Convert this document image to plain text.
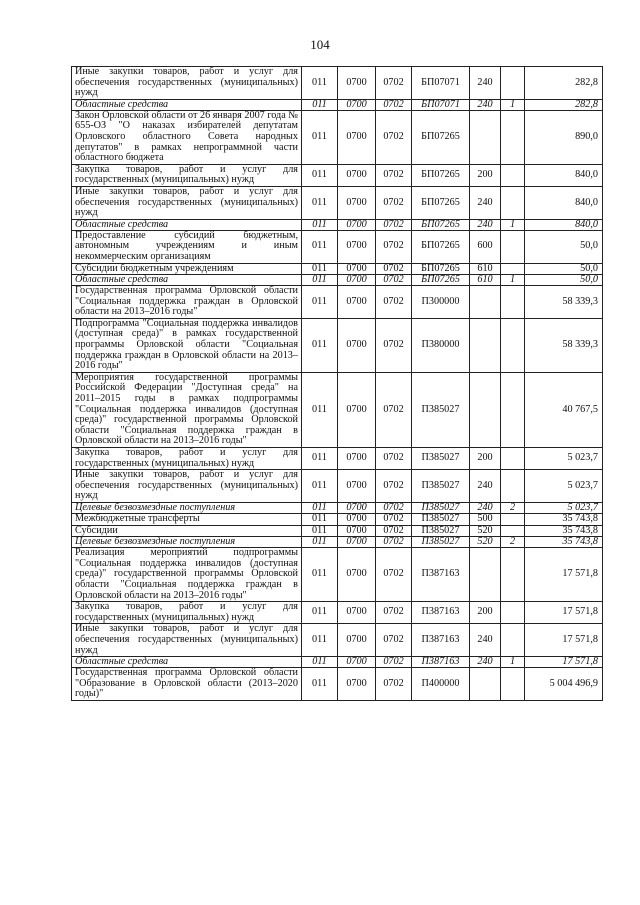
104
Иные закупки товаров, работ и услуг для обеспечения государственных (муниципальных) нужд	011	0700	0702	БП07071	240		282,8
Областные средства	011	0700	0702	БП07071	240	1	282,8
Закон Орловской области от 26 января 2007 года № 655-ОЗ "О наказах избирателей депутатам Орловского областного Совета народных депутатов" в рамках непрограммной части областного бюджета	011	0700	0702	БП07265			890,0
Закупка товаров, работ и услуг для государственных (муниципальных) нужд	011	0700	0702	БП07265	200		840,0
Иные закупки товаров, работ и услуг для обеспечения государственных (муниципальных) нужд	011	0700	0702	БП07265	240		840,0
Областные средства	011	0700	0702	БП07265	240	1	840,0
Предоставление субсидий бюджетным, автономным учреждениям и иным некоммерческим организациям	011	0700	0702	БП07265	600		50,0
Субсидии бюджетным учреждениям	011	0700	0702	БП07265	610		50,0
Областные средства	011	0700	0702	БП07265	610	1	50,0
Государственная программа Орловской области "Социальная поддержка граждан в Орловской области на 2013–2016 годы"	011	0700	0702	П300000			58 339,3
Подпрограмма "Социальная поддержка инвалидов (доступная среда)" в рамках государственной программы Орловской области "Социальная поддержка граждан в Орловской области на 2013–2016 годы"	011	0700	0702	П380000			58 339,3
Мероприятия государственной программы Российской Федерации "Доступная среда" на 2011–2015 годы в рамках подпрограммы "Социальная поддержка инвалидов (доступная среда)" государственной программы Орловской области "Социальная поддержка граждан в Орловской области на 2013–2016 годы"	011	0700	0702	П385027			40 767,5
Закупка товаров, работ и услуг для государственных (муниципальных) нужд	011	0700	0702	П385027	200		5 023,7
Иные закупки товаров, работ и услуг для обеспечения государственных (муниципальных) нужд	011	0700	0702	П385027	240		5 023,7
Целевые безвозмездные поступления	011	0700	0702	П385027	240	2	5 023,7
Межбюджетные трансферты	011	0700	0702	П385027	500		35 743,8
Субсидии	011	0700	0702	П385027	520		35 743,8
Целевые безвозмездные поступления	011	0700	0702	П385027	520	2	35 743,8
Реализация мероприятий подпрограммы "Социальная поддержка инвалидов (доступная среда)" государственной программы Орловской области "Социальная поддержка граждан в Орловской области на 2013–2016 годы"	011	0700	0702	П387163			17 571,8
Закупка товаров, работ и услуг для государственных (муниципальных) нужд	011	0700	0702	П387163	200		17 571,8
Иные закупки товаров, работ и услуг для обеспечения государственных (муниципальных) нужд	011	0700	0702	П387163	240		17 571,8
Областные средства	011	0700	0702	П387163	240	1	17 571,8
Государственная программа Орловской области "Образование в Орловской области (2013–2020 годы)"	011	0700	0702	П400000			5 004 496,9
